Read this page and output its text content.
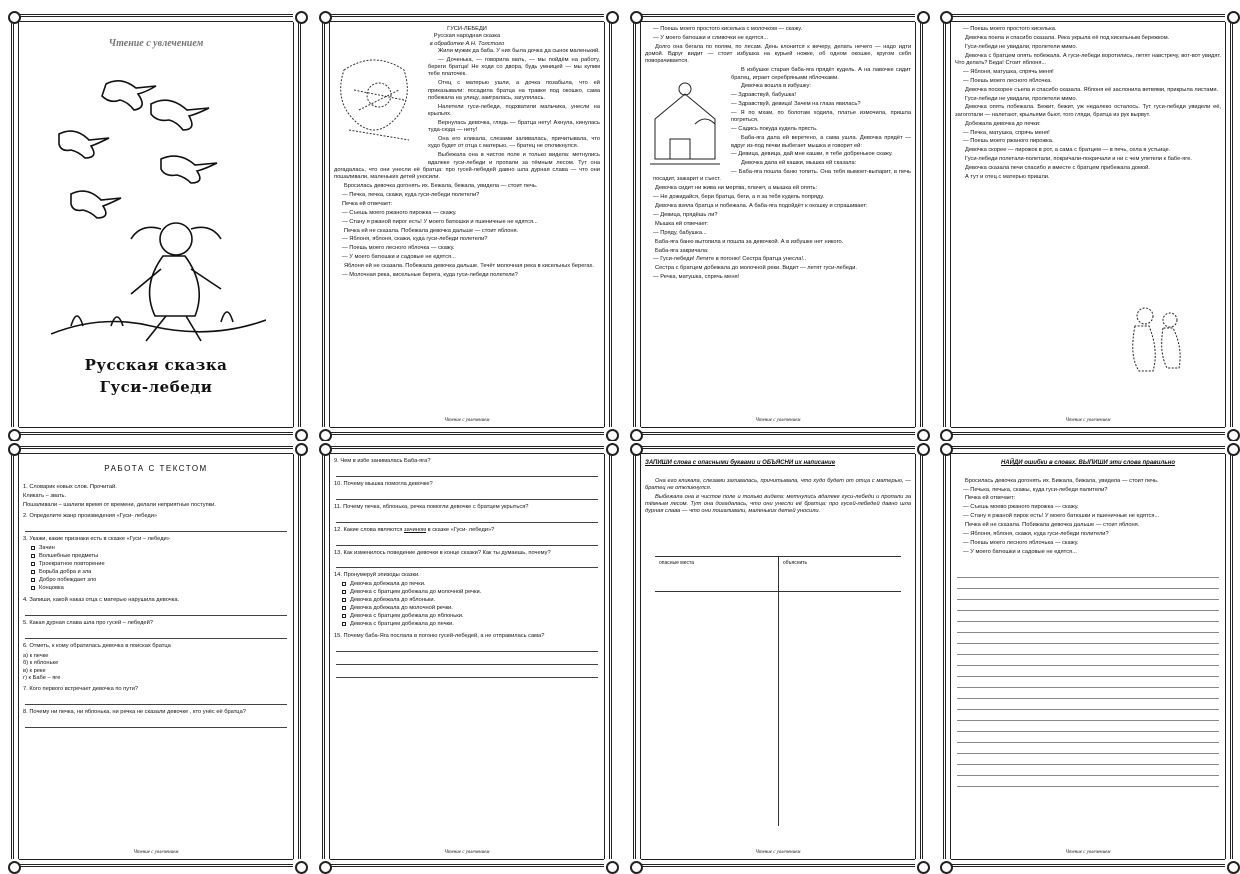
Чтение с увлечением
Русская сказка
Гуси-лебеди

ГУСИ-ЛЕБЕДИ

Русская народная сказка

в обработке А.Н. Толстого

Жили мужик да баба. У них была дочка да сынок маленький.

— Доченька, — говорила мать, — мы пойдём на работу, береги братца! Не ходи со двора, будь умницей — мы купим тебе платочек.

Отец с матерью ушли, а дочка позабыла, что ей приказывали: посадила братца на травке под окошко, сама побежала на улицу, заигралась, загулялась.

Налетели гуси-лебеди, подхватили мальчика, унесли на крыльях.

Вернулась девочка, глядь — братца нету! Ахнула, кинулась туда-сюда — нету!

Она его кликала, слезами заливалась, причитывала, что худо будет от отца с матерью, — братец не откликнулся.

Выбежала она в чистое поле и только видела: метнулись вдалеке гуси-лебеди и пропали за тёмным лесом. Тут она догадалась, что они унесли её братца: про гусей-лебедей давно шла дурная слава — что они пошаливали, маленьких детей уносили.

Бросилась девочка догонять их. Бежала, бежала, увидела — стоит печь.

— Печка, печка, скажи, куда гуси-лебеди полетели?

Печка ей отвечает:

— Съешь моего ржаного пирожка — скажу.

— Стану я ржаной пирог есть! У моего батюшки и пшеничные не едятся...

Печка ей не сказала. Побежала девочка дальше — стоит яблоня.

— Яблоня, яблоня, скажи, куда гуси-лебеди полетели?

— Поешь моего лесного яблочка — скажу.

— У моего батюшки и садовые не едятся...

Яблоня ей не сказала. Побежала девочка дальше. Течёт молочная река в кисельных берегах.

— Молочная река, кисельные берега, куда гуси-лебеди полетели?

Чтение с увлечением

— Поешь моего простого киселька с молочком — скажу.

— У моего батюшки и сливочки не едятся...

Долго она бегала по полям, по лесам. День клонится к вечеру, делать нечего — надо идти домой. Вдруг видит — стоит избушка на курьей ножке, об одном окошке, кругом себя поворачивается.

В избушке старая баба-яга прядёт кудель. А на лавочке сидит братец, играет серебряными яблочками.

Девочка вошла в избушку:

— Здравствуй, бабушка!

— Здравствуй, девица! Зачем на глаза явилась?

— Я по мхам, по болотам ходила, платье измочила, пришла погреться.

— Садись покуда кудель прясть.

Баба-яга дала ей веретено, а сама ушла. Девочка прядёт — вдруг из-под печки выбегает мышка и говорит ей:

— Девица, девица, дай мне кашки, я тебе добренькое скажу.

Девочка дала ей кашки, мышка ей сказала:

— Баба-яга пошла баню топить. Она тебя вымоет-выпарит, в печь посадит, зажарит и съест.

Девочка сидит ни жива ни мертва, плачет, а мышка ей опять:

— Не дожидайся, бери братца, беги, а я за тебя кудель попряду.

Девочка взяла братца и побежала. А баба-яга подойдёт к окошку и спрашивает:

— Девица, прядёшь ли?

Мышка ей отвечает:

— Пряду, бабушка...

Баба-яга баню вытопила и пошла за девочкой. А в избушке нет никого.

Баба-яга закричала:

— Гуси-лебеди! Летите в погоню! Сестра братца унесла!..

Сестра с братцем добежала до молочной реки. Видит — летят гуси-лебеди.

— Речка, матушка, спрячь меня!

Чтение с увлечением

— Поешь моего простого киселька.

Девочка поела и спасибо сказала. Река укрыла её под кисельным бережком.

Гуси-лебеди не увидали, пролетели мимо.

Девочка с братцем опять побежала. А гуси-лебеди воротились, летят навстречу, вот-вот увидят. Что делать? Беда! Стоит яблоня...

— Яблоня, матушка, спрячь меня!

— Поешь моего лесного яблочка.

Девочка поскорее съела и спасибо сказала. Яблоня её заслонила ветвями, прикрыла листами.

Гуси-лебеди не увидали, пролетели мимо.

Девочка опять побежала. Бежит, бежит, уж недалеко осталось. Тут гуси-лебеди увидели её, загоготали — налетают, крыльями бьют, того гляди, братца из рук вырвут.

Добежала девочка до печки:

— Печка, матушка, спрячь меня!

— Поешь моего ржаного пирожка.

Девочка скорее — пирожок в рот, а сама с братцем — в печь, села в устьице.

Гуси-лебеди полетали-полетали, покричали-покричали и ни с чем улетели к бабе-яге.

Девочка сказала печи спасибо и вместе с братцем прибежала домой.

А тут и отец с матерью пришли.

Чтение с увлечением
РАБОТА С ТЕКСТОМ

1. Словарик новых слов. Прочитай.

Кликать – звать.

Пошаливали – шалили время от времени, делали неприятные поступки.

2. Определите жанр произведения «Гуси- лебеди»

3. Укажи, какие признаки есть в сказке «Гуси – лебеди»

Зачин
Волшебные предметы
Троекратное повторение
Борьба добра и зла
Добро побеждает зло
Концовка

4. Запиши, какой наказ отца с матерью нарушила девочка.

5. Какая дурная слава шла про гусей – лебедей?

6. Отметь, к кому обратилась девочка в поисках братца

а) к печке
б) к яблоньке
в) к реке
г) к Бабе – яге

7. Кого первого встречает девочка по пути?

8. Почему ни печка, ни яблонька, ни речка не сказали девочке , кто унёс её братца?

Чтение с увлечением

9. Чем в избе занималась Баба-яга?

10. Почему мышка помогла девочке?

11. Почему печка, яблонька, речка помогли девочке с братцем укрыться?

12. Какие слова являются зачином в сказке «Гуси- лебеди»?

13. Как изменилось поведение девочки в конце сказки? Как ты думаешь, почему?

14. Пронумеруй эпизоды сказки.

Девочка добежала до печки.
Девочка с братцем добежала до молочной речки.
Девочка добежала до яблоньки.
Девочка добежала до молочной речки.
Девочка с братцем добежала до яблоньки.
Девочка с братцем добежала до печки.

15. Почему баба-Яга послала в погоню гусей-лебедей, а не отправилась сама?

Чтение с увлечением
ЗАПИШИ слова с опасными буквами и ОБЪЯСНИ их написание

Она его кликала, слезами заливалась, причитывала, что худо будет от отца с матерью, — братец не откликнулся.

Выбежала она в чистое поле и только видела: метнулись вдалеке гуси-лебеди и пропали за тёмным лесом. Тут она догадалась, что они унесли её братца: про гусей-лебедей давно шла дурная слава — что они пошаливали, маленьких детей уносили.

опасные места	объяснить
Чтение с увлечением
НАЙДИ ошибки в словах. ВЫПИШИ эти слова правильно

Бросилась девочка догонять их. Бижала, бижала, увидела — стоит печь.

— Печька, печька, скажы, куда гуси-лебеди палители?

Печка ей отвечает:

— Съешь моево ржаного пирожка — скажу.

— Стану я ржаной пирок есть! У моего батюшки и пшеничные не едятся...

Печка ей не сказала. Побижала девочка дальше — стоит яблоня.

— Яблоня, яблоня, скажи, куда гуси-лебеди полители?

— Поешь моего лесного яблочька — скажу.

— У моего батюшки и садовые не едятся...

Чтение с увлечением
